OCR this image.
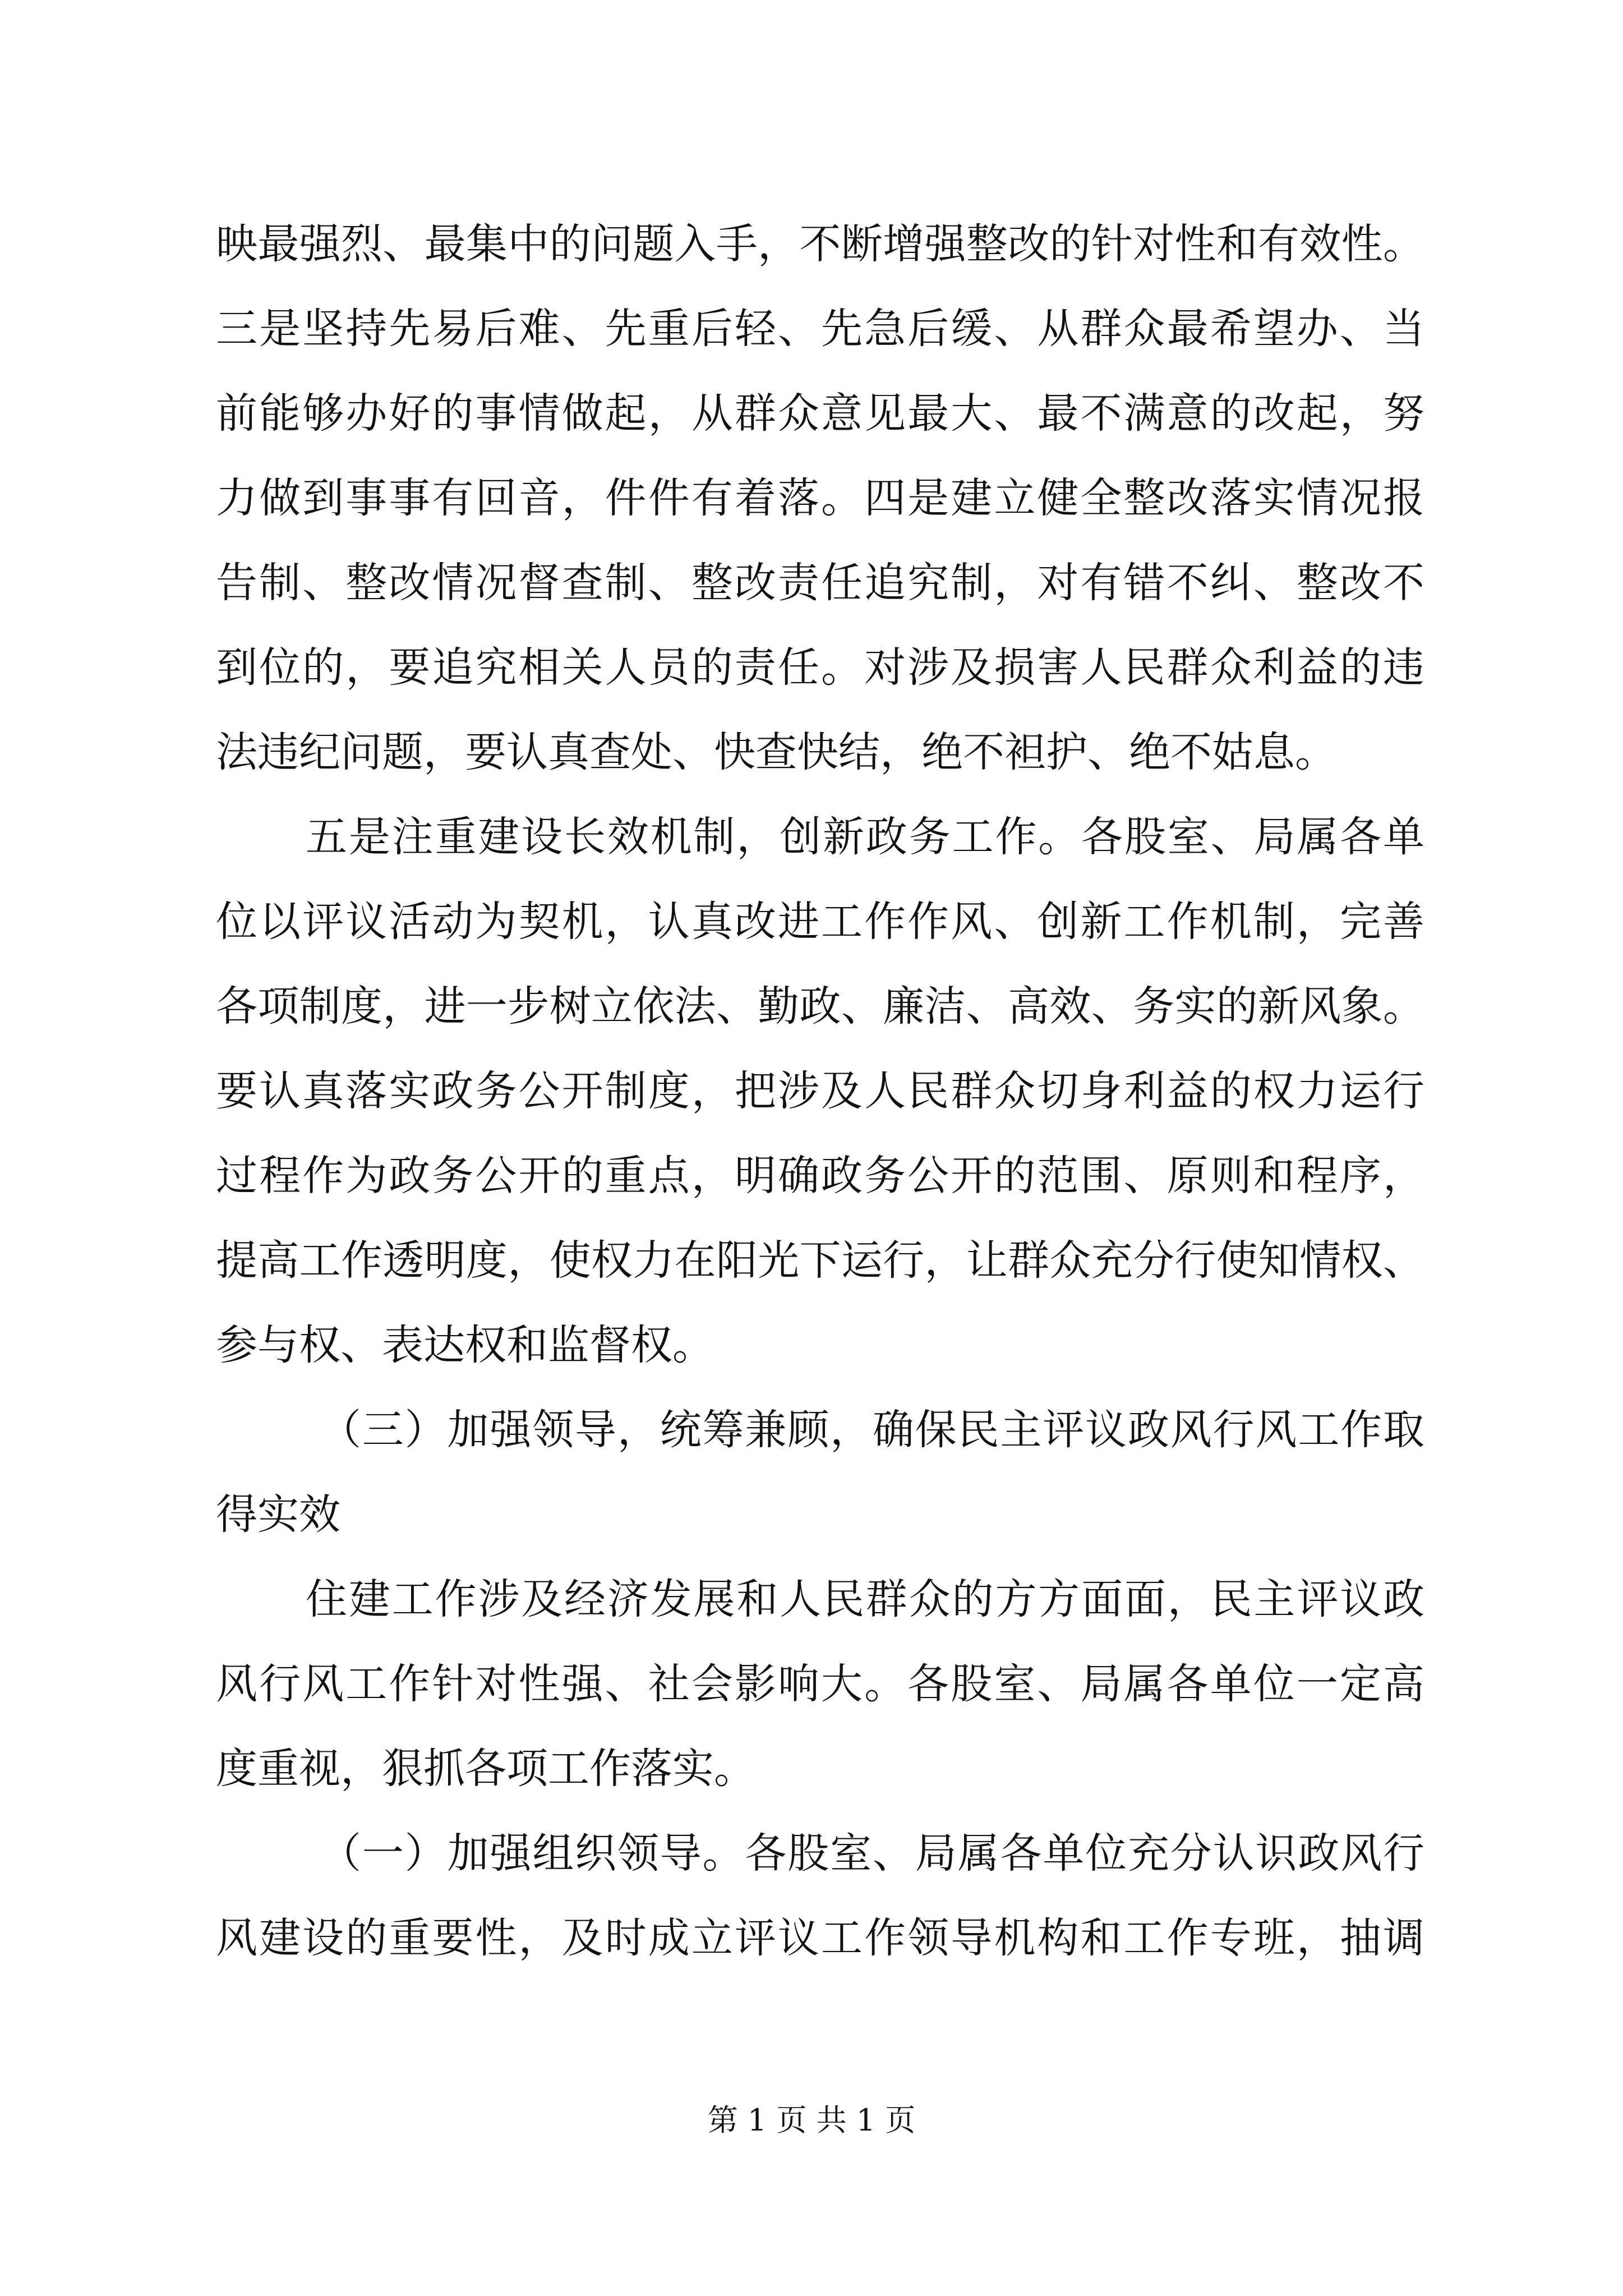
映最强烈、最集中的问题入手，不断增强整改的针对性和有效性。
三是坚持先易后难、先重后轻、先急后缓、从群众最希望办、当
前能够办好的事情做起，从群众意见最大、最不满意的改起，努
力做到事事有回音，件件有着落。四是建立健全整改落实情况报
告制、整改情况督查制、整改责任追究制，对有错不纠、整改不
到位的，要追究相关人员的责任。对涉及损害人民群众利益的违
法违纪问题，要认真查处、快查快结，绝不袒护、绝不姑息。
五是注重建设长效机制，创新政务工作。各股室、局属各单
位以评议活动为契机，认真改进工作作风、创新工作机制，完善
各项制度，进一步树立依法、勤政、廉洁、高效、务实的新风象。
要认真落实政务公开制度，把涉及人民群众切身利益的权力运行
过程作为政务公开的重点，明确政务公开的范围、原则和程序，
提高工作透明度，使权力在阳光下运行，让群众充分行使知情权、
参与权、表达权和监督权。
（三）加强领导，统筹兼顾，确保民主评议政风行风工作取
得实效
住建工作涉及经济发展和人民群众的方方面面，民主评议政
风行风工作针对性强、社会影响大。各股室、局属各单位一定高
度重视，狠抓各项工作落实。
（一）加强组织领导。各股室、局属各单位充分认识政风行
风建设的重要性，及时成立评议工作领导机构和工作专班，抽调
第 1 页 共 1 页
